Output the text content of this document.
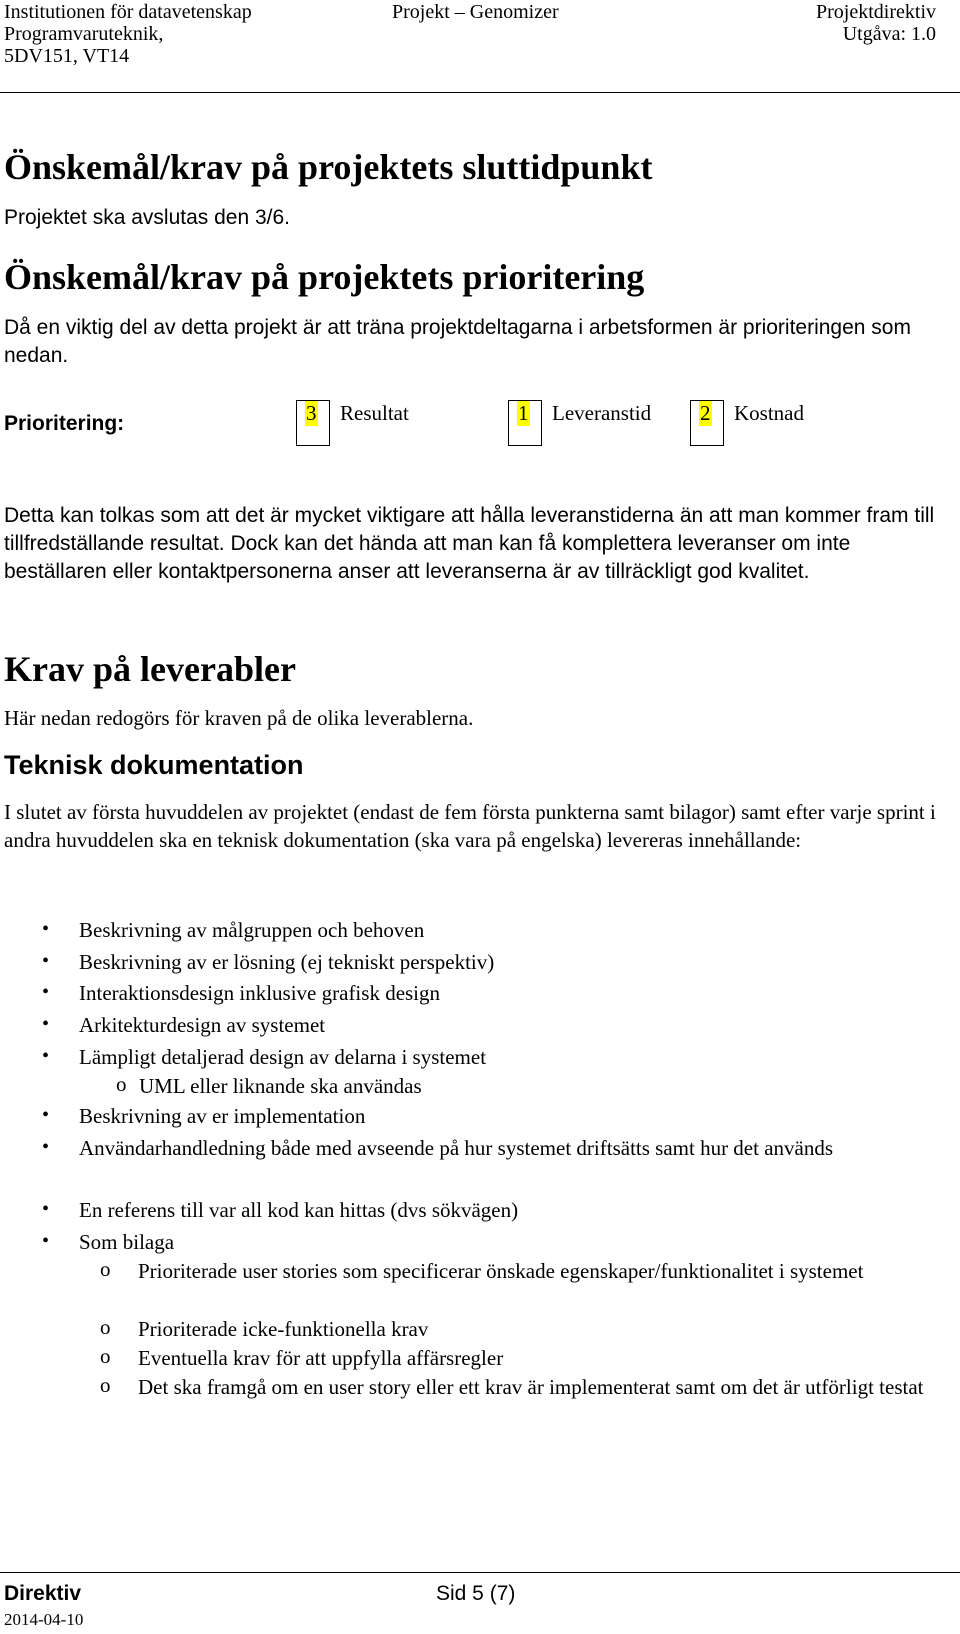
Institutionen för datavetenskap
Programvaruteknik,
5DV151, VT14
Projekt – Genomizer	Projektdirektiv
Utgåva: 1.0
Önskemål/krav på projektets sluttidpunkt
Projektet ska avslutas den 3/6.
Önskemål/krav på projektets prioritering
Då en viktig del av detta projekt är att träna projektdeltagarna i arbetsformen är prioriteringen som nedan.
Prioritering:	3 Resultat	1 Leveranstid 2 Kostnad
Detta kan tolkas som att det är mycket viktigare att hålla leveranstiderna än att man kommer fram till tillfredställande resultat. Dock kan det hända att man kan få komplettera leveranser om inte beställaren eller kontaktpersonerna anser att leveranserna är av tillräckligt god kvalitet.
Krav på leverabler
Här nedan redogörs för kraven på de olika leverablerna.
Teknisk dokumentation
I slutet av första huvuddelen av projektet (endast de fem första punkterna samt bilagor) samt efter varje sprint i andra huvuddelen ska en teknisk dokumentation (ska vara på engelska) levereras innehållande:
• Beskrivning av målgruppen och behoven
• Beskrivning av er lösning (ej tekniskt perspektiv)
• Interaktionsdesign inklusive grafisk design
• Arkitekturdesign av systemet
• Lämpligt detaljerad design av delarna i systemet
o UML eller liknande ska användas
• Beskrivning av er implementation
• Användarhandledning både med avseende på hur systemet driftsätts samt hur det används
• En referens till var all kod kan hittas (dvs sökvägen)
• Som bilaga
o Prioriterade user stories som specificerar önskade egenskaper/funktionalitet i systemet
o Prioriterade icke-funktionella krav
o Eventuella krav för att uppfylla affärsregler
o Det ska framgå om en user story eller ett krav är implementerat samt om det är utförligt testat
Direktiv	Sid 5 (7)
2014-04-10
